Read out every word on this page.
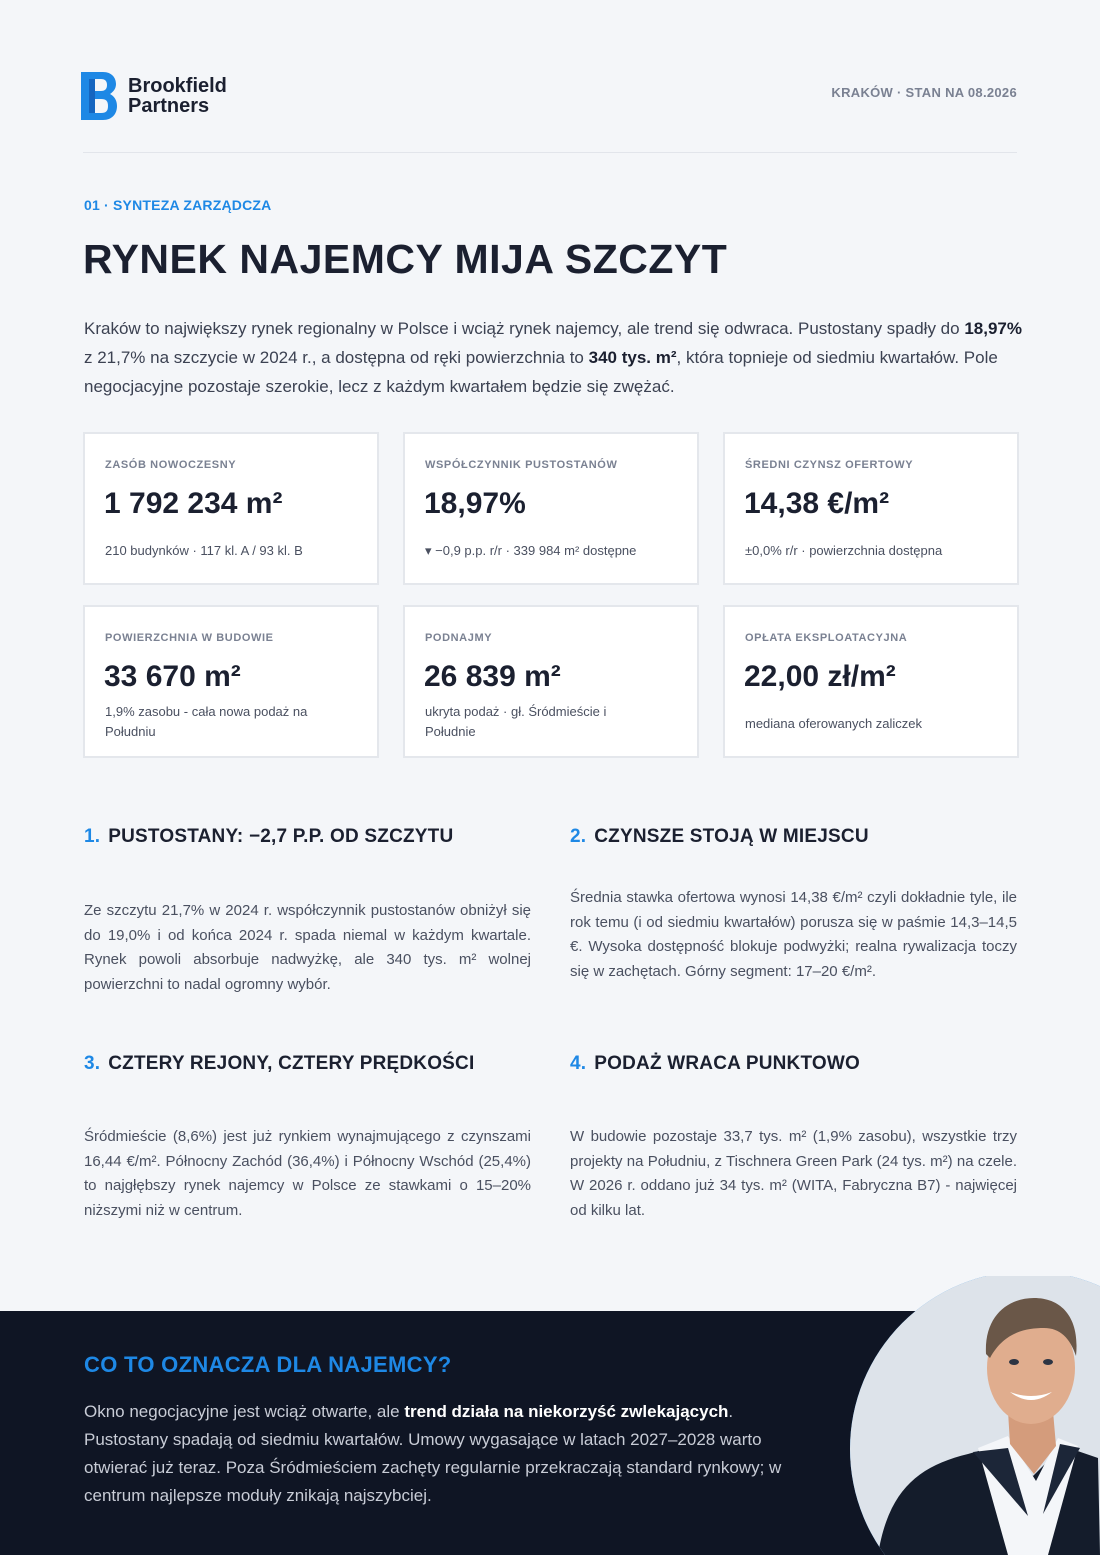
Brookfield
Partners
KRAKÓW · STAN NA 08.2026
01 · SYNTEZA ZARZĄDCZA
RYNEK NAJEMCY MIJA SZCZYT

Kraków to największy rynek regionalny w Polsce i wciąż rynek najemcy, ale trend się odwraca. Pustostany spadły do 18,97% z 21,7% na szczycie w 2024 r., a dostępna od ręki powierzchnia to 340 tys. m², która topnieje od siedmiu kwartałów. Pole negocjacyjne pozostaje szerokie, lecz z każdym kwartałem będzie się zwężać.

ZASÓB NOWOCZESNY
1 792 234 m²
210 budynków · 117 kl. A / 93 kl. B
WSPÓŁCZYNNIK PUSTOSTANÓW
18,97%
▾ −0,9 p.p. r/r · 339 984 m² dostępne
ŚREDNI CZYNSZ OFERTOWY
14,38 €/m²
±0,0% r/r · powierzchnia dostępna
POWIERZCHNIA W BUDOWIE
33 670 m²
1,9% zasobu - cała nowa podaż na Południu
PODNAJMY
26 839 m²
ukryta podaż · gł. Śródmieście i Południe
OPŁATA EKSPLOATACYJNA
22,00 zł/m²
mediana oferowanych zaliczek
1. PUSTOSTANY: −2,7 P.P. OD SZCZYTU

Ze szczytu 21,7% w 2024 r. współczynnik pustostanów obniżył się do 19,0% i od końca 2024 r. spada niemal w każdym kwartale. Rynek powoli absorbuje nadwyżkę, ale 340 tys. m² wolnej powierzchni to nadal ogromny wybór.

2. CZYNSZE STOJĄ W MIEJSCU

Średnia stawka ofertowa wynosi 14,38 €/m² czyli dokładnie tyle, ile rok temu (i od siedmiu kwartałów) porusza się w paśmie 14,3–14,5 €. Wysoka dostępność blokuje podwyżki; realna rywalizacja toczy się w zachętach. Górny segment: 17–20 €/m².

3. CZTERY REJONY, CZTERY PRĘDKOŚCI

Śródmieście (8,6%) jest już rynkiem wynajmującego z czynszami 16,44 €/m². Północny Zachód (36,4%) i Północny Wschód (25,4%) to najgłębszy rynek najemcy w Polsce ze stawkami o 15–20% niższymi niż w centrum.

4. PODAŻ WRACA PUNKTOWO

W budowie pozostaje 33,7 tys. m² (1,9% zasobu), wszystkie trzy projekty na Południu, z Tischnera Green Park (24 tys. m²) na czele. W 2026 r. oddano już 34 tys. m² (WITA, Fabryczna B7) - najwięcej od kilku lat.

CO TO OZNACZA DLA NAJEMCY?

Okno negocjacyjne jest wciąż otwarte, ale trend działa na niekorzyść zwlekających. Pustostany spadają od siedmiu kwartałów. Umowy wygasające w latach 2027–2028 warto otwierać już teraz. Poza Śródmieściem zachęty regularnie przekraczają standard rynkowy; w centrum najlepsze moduły znikają najszybciej.
